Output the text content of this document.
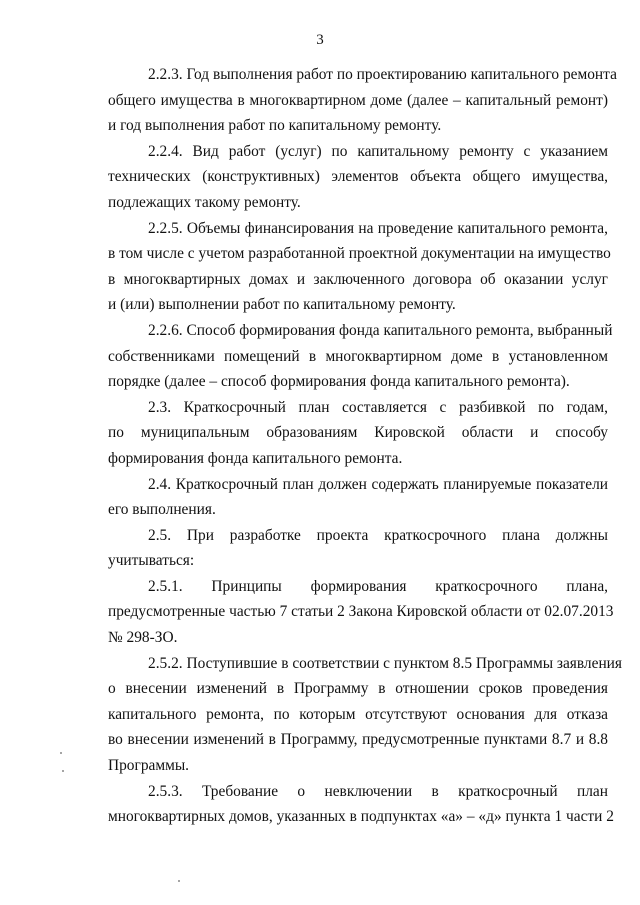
3
2.2.3. Год выполнения работ по проектированию капитального ремонта
общего имущества в многоквартирном доме (далее – капитальный ремонт)
и год выполнения работ по капитальному ремонту.
2.2.4. Вид работ (услуг) по капитальному ремонту с указанием
технических (конструктивных) элементов объекта общего имущества,
подлежащих такому ремонту.
2.2.5. Объемы финансирования на проведение капитального ремонта,
в том числе с учетом разработанной проектной документации на имущество
в многоквартирных домах и заключенного договора об оказании услуг
и (или) выполнении работ по капитальному ремонту.
2.2.6. Способ формирования фонда капитального ремонта, выбранный
собственниками помещений в многоквартирном доме в установленном
порядке (далее – способ формирования фонда капитального ремонта).
2.3. Краткосрочный план составляется с разбивкой по годам,
по муниципальным образованиям Кировской области и способу
формирования фонда капитального ремонта.
2.4. Краткосрочный план должен содержать планируемые показатели
его выполнения.
2.5. При разработке проекта краткосрочного плана должны
учитываться:
2.5.1. Принципы формирования краткосрочного плана,
предусмотренные частью 7 статьи 2 Закона Кировской области от 02.07.2013
№ 298-ЗО.
2.5.2. Поступившие в соответствии с пунктом 8.5 Программы заявления
о внесении изменений в Программу в отношении сроков проведения
капитального ремонта, по которым отсутствуют основания для отказа
во внесении изменений в Программу, предусмотренные пунктами 8.7 и 8.8
Программы.
2.5.3. Требование о невключении в краткосрочный план
многоквартирных домов, указанных в подпунктах «а» – «д» пункта 1 части 2
